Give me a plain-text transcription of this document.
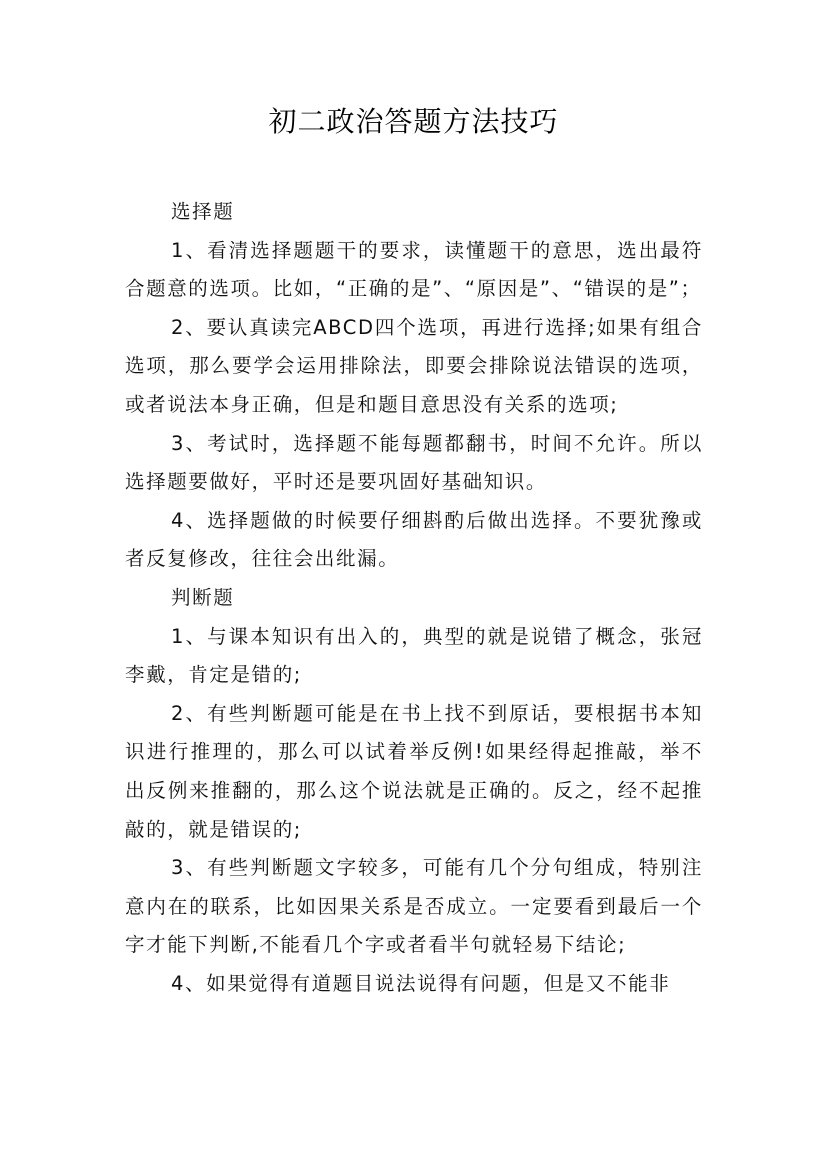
初二政治答题方法技巧

选择题

1、看清选择题题干的要求，读懂题干的意思，选出最符合题意的选项。比如，“正确的是”、“原因是”、“错误的是”；

2、要认真读完ABCD四个选项，再进行选择;如果有组合选项，那么要学会运用排除法，即要会排除说法错误的选项，或者说法本身正确，但是和题目意思没有关系的选项;

3、考试时，选择题不能每题都翻书，时间不允许。所以选择题要做好，平时还是要巩固好基础知识。

4、选择题做的时候要仔细斟酌后做出选择。不要犹豫或者反复修改，往往会出纰漏。

判断题

1、与课本知识有出入的，典型的就是说错了概念，张冠李戴，肯定是错的;

2、有些判断题可能是在书上找不到原话，要根据书本知识进行推理的，那么可以试着举反例!如果经得起推敲，举不出反例来推翻的，那么这个说法就是正确的。反之，经不起推敲的，就是错误的;

3、有些判断题文字较多，可能有几个分句组成，特别注意内在的联系，比如因果关系是否成立。一定要看到最后一个字才能下判断,不能看几个字或者看半句就轻易下结论;

4、如果觉得有道题目说法说得有问题，但是又不能非
